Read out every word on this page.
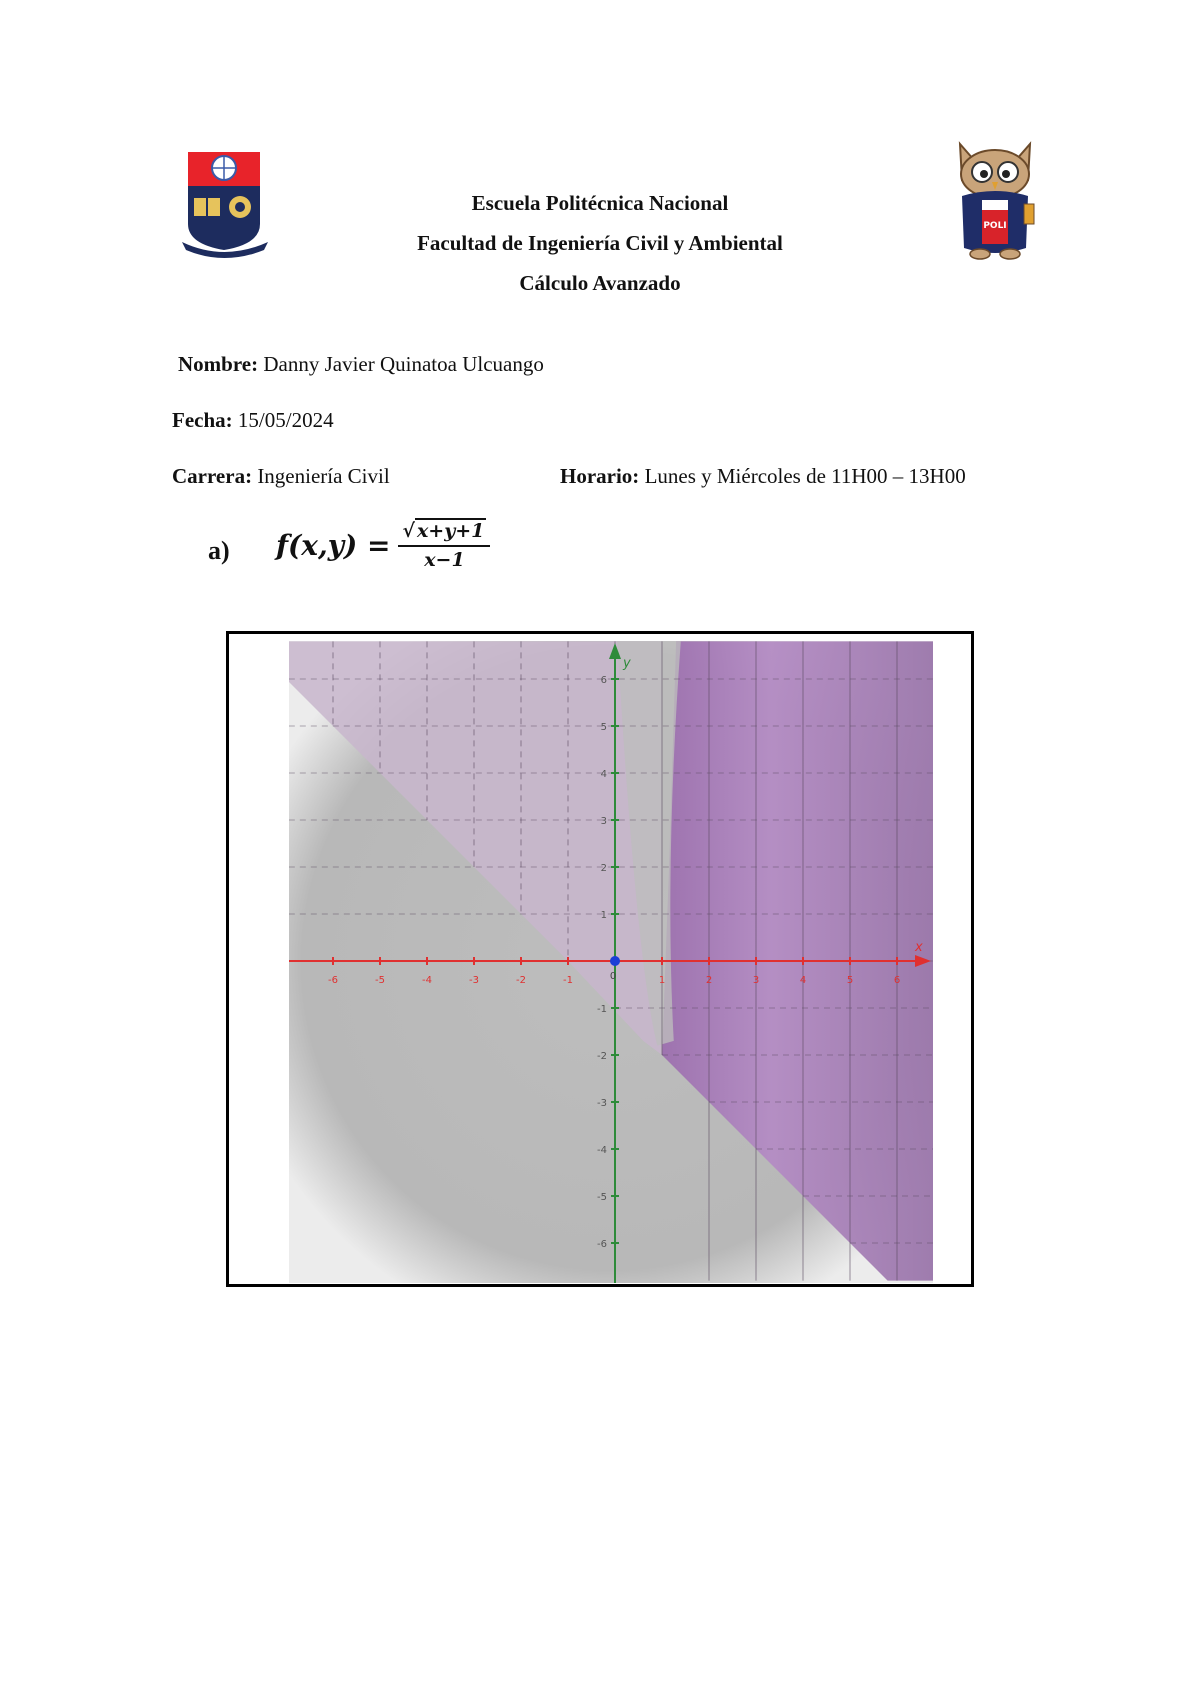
POLI
Escuela Politécnica Nacional
Facultad de Ingeniería Civil y Ambiental
Cálculo Avanzado
Nombre: Danny Javier Quinatoa Ulcuango
Fecha: 15/05/2024
Carrera: Ingeniería Civil	Horario: Lunes y Miércoles de 11H00 – 13H00
a) $f(x,y) = \frac{√ x+y+1}{x-1}$
x
y
0
-6	-5	-4	-3	-2	-1	1	2	3	4	5	6
-6
-5
-4
-3
-2
-1
1
2
3
4
5
6
